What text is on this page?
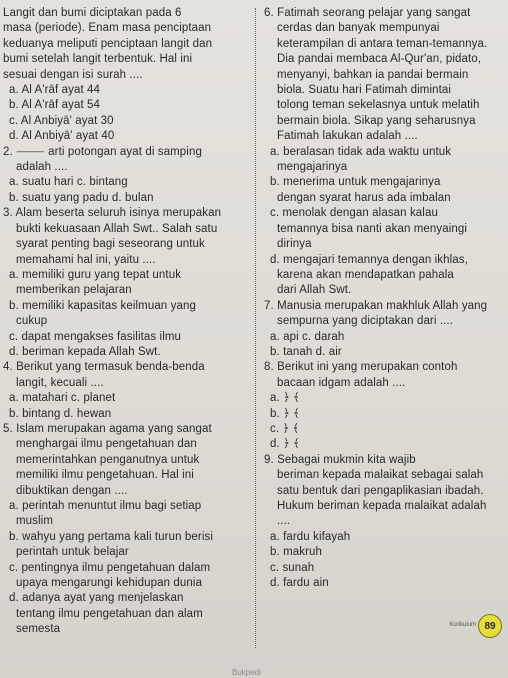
Langit dan bumi diciptakan pada 6
masa (periode). Enam masa penciptaan
keduanya meliputi penciptaan langit dan
bumi setelah langit terbentuk. Hal ini
sesuai dengan isi surah ....
a. Al A'rāf ayat 44
b. Al A'rāf ayat 54
c. Al Anbiyā' ayat 30
d. Al Anbiyā' ayat 40
2. ⸻ arti potongan ayat di samping
adalah ....
a. suatu hari c. bintang
b. suatu yang padu d. bulan
3. Alam beserta seluruh isinya merupakan
bukti kekuasaan Allah Swt.. Salah satu
syarat penting bagi seseorang untuk
memahami hal ini, yaitu ....
a. memiliki guru yang tepat untuk
memberikan pelajaran
b. memiliki kapasitas keilmuan yang
cukup
c. dapat mengakses fasilitas ilmu
d. beriman kepada Allah Swt.
4. Berikut yang termasuk benda-benda
langit, kecuali ....
a. matahari c. planet
b. bintang d. hewan
5. Islam merupakan agama yang sangat
menghargai ilmu pengetahuan dan
memerintahkan penganutnya untuk
memiliki ilmu pengetahuan. Hal ini
dibuktikan dengan ....
a. perintah menuntut ilmu bagi setiap
muslim
b. wahyu yang pertama kali turun berisi
perintah untuk belajar
c. pentingnya ilmu pengetahuan dalam
upaya mengarungi kehidupan dunia
d. adanya ayat yang menjelaskan
tentang ilmu pengetahuan dan alam
semesta
6. Fatimah seorang pelajar yang sangat
cerdas dan banyak mempunyai
keterampilan di antara teman-temannya.
Dia pandai membaca Al-Qur'an, pidato,
menyanyi, bahkan ia pandai bermain
biola. Suatu hari Fatimah dimintai
tolong teman sekelasnya untuk melatih
bermain biola. Sikap yang seharusnya
Fatimah lakukan adalah ....
a. beralasan tidak ada waktu untuk
mengajarinya
b. menerima untuk mengajarinya
dengan syarat harus ada imbalan
c. menolak dengan alasan kalau
temannya bisa nanti akan menyaingi
dirinya
d. mengajari temannya dengan ikhlas,
karena akan mendapatkan pahala
dari Allah Swt.
7. Manusia merupakan makhluk Allah yang
sempurna yang diciptakan dari ....
a. api c. darah
b. tanah d. air
8. Berikut ini yang merupakan contoh
bacaan idgam adalah ....
a. ﴿ ﴾
b. ﴿ ﴾
c. ﴿ ﴾
d. ﴿ ﴾
9. Sebagai mukmin kita wajib
beriman kepada malaikat sebagai salah
satu bentuk dari pengaplikasian ibadah.
Hukum beriman kepada malaikat adalah
....
a. fardu kifayah
b. makruh
c. sunah
d. fardu ain
Kurikulum 89
Bukpedi
